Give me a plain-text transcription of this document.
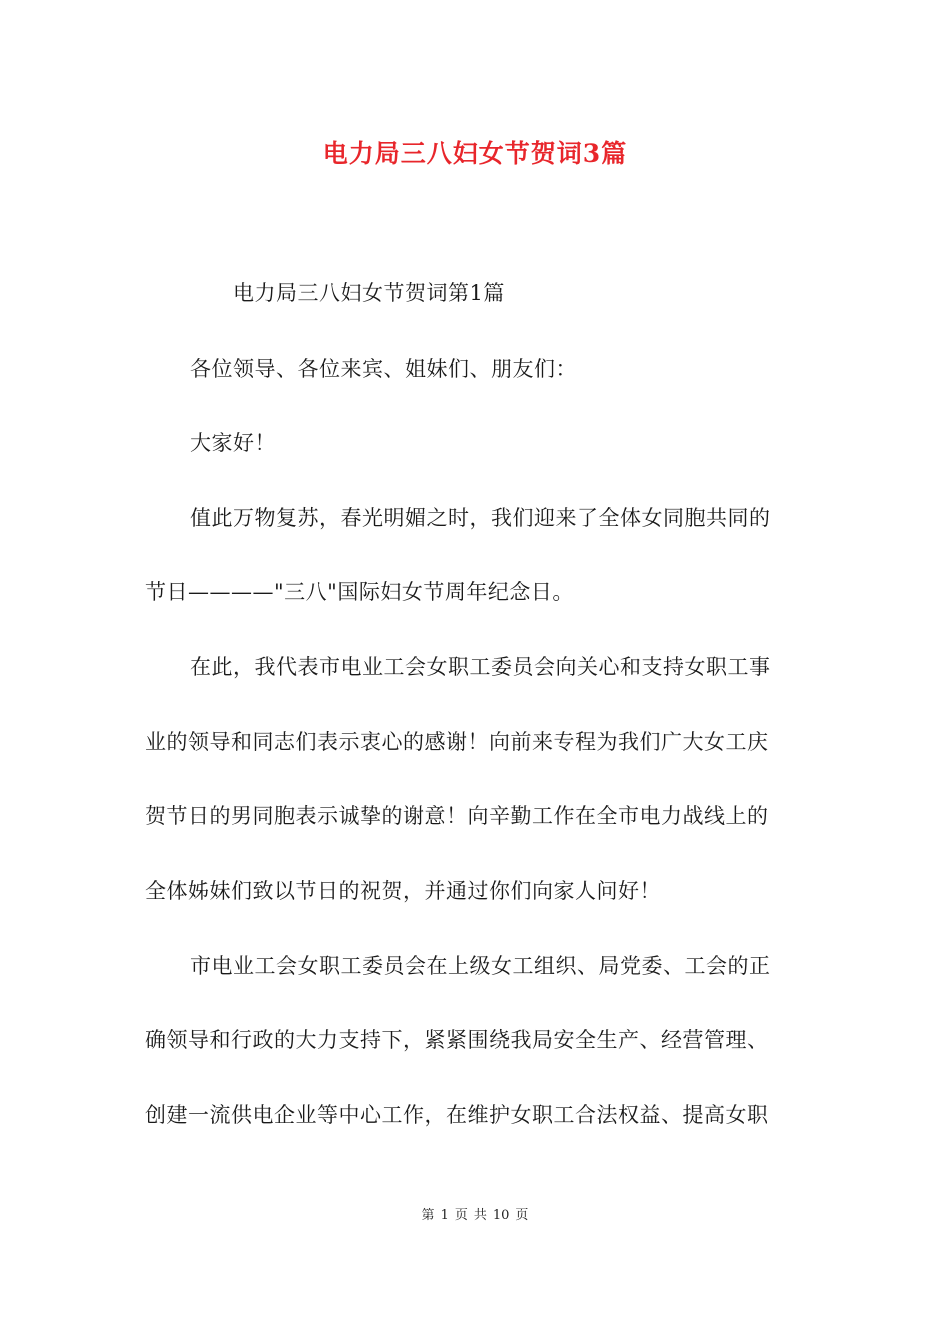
电力局三八妇女节贺词3篇
电力局三八妇女节贺词第1篇
各位领导、各位来宾、姐妹们、朋友们：
大家好！
值此万物复苏，春光明媚之时，我们迎来了全体女同胞共同的
节日————"三八"国际妇女节周年纪念日。
在此，我代表市电业工会女职工委员会向关心和支持女职工事
业的领导和同志们表示衷心的感谢！向前来专程为我们广大女工庆
贺节日的男同胞表示诚挚的谢意！向辛勤工作在全市电力战线上的
全体姊妹们致以节日的祝贺，并通过你们向家人问好！
市电业工会女职工委员会在上级女工组织、局党委、工会的正
确领导和行政的大力支持下，紧紧围绕我局安全生产、经营管理、
创建一流供电企业等中心工作，在维护女职工合法权益、提高女职
第 1 页 共 10 页
